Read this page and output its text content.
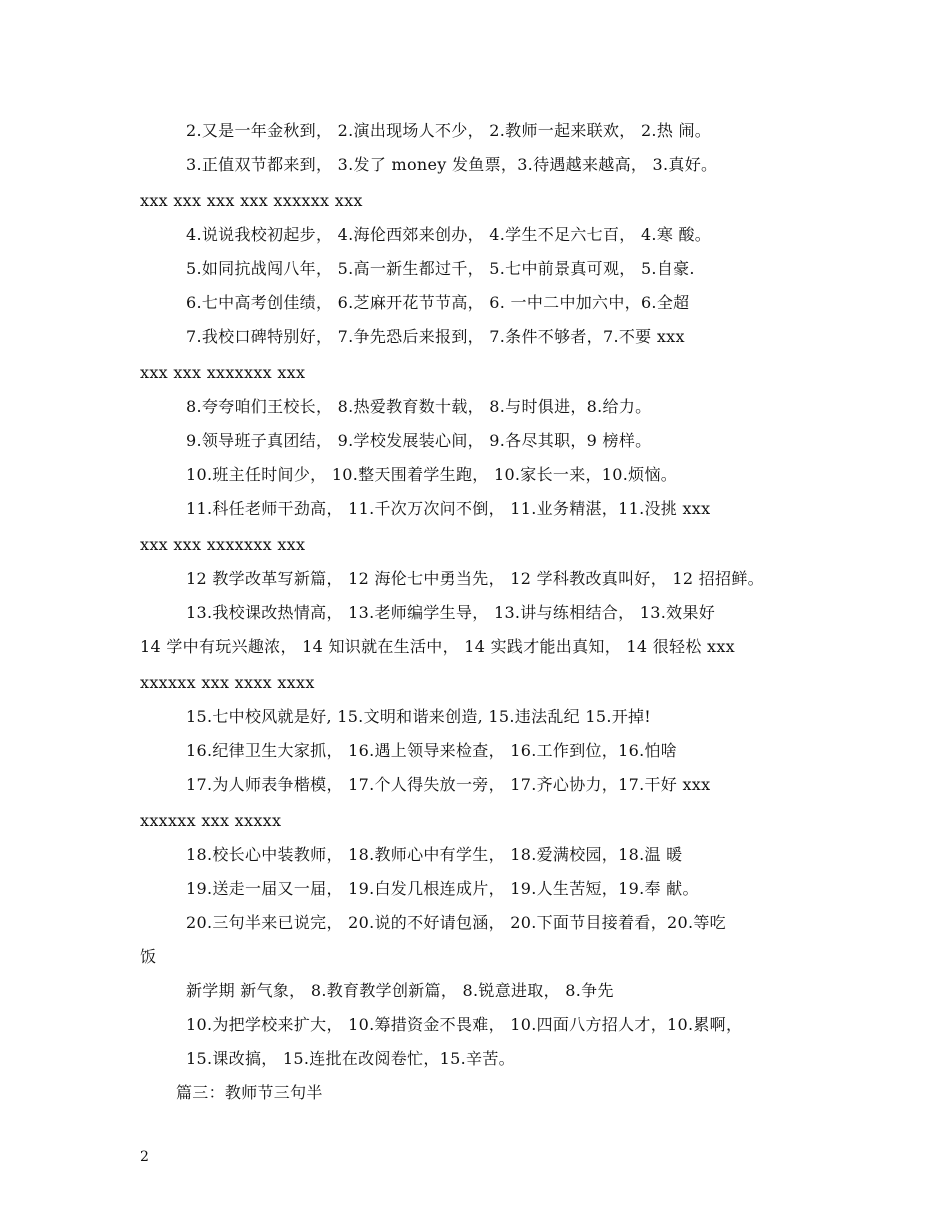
2.又是一年金秋到， 2.演出现场人不少， 2.教师一起来联欢， 2.热 闹。
3.正值双节都来到， 3.发了 money 发鱼票，3.待遇越来越高， 3.真好。
xxx xxx xxx xxx xxxxxx xxx
4.说说我校初起步， 4.海伦西郊来创办， 4.学生不足六七百， 4.寒 酸。
5.如同抗战闯八年， 5.高一新生都过千， 5.七中前景真可观， 5.自豪.
6.七中高考创佳绩， 6.芝麻开花节节高， 6. 一中二中加六中，6.全超
7.我校口碑特别好， 7.争先恐后来报到， 7.条件不够者，7.不要 xxx
xxx xxx xxxxxxx xxx
8.夸夸咱们王校长， 8.热爱教育数十载， 8.与时俱进，8.给力。
9.领导班子真团结， 9.学校发展装心间， 9.各尽其职，9 榜样。
10.班主任时间少， 10.整天围着学生跑， 10.家长一来，10.烦恼。
11.科任老师干劲高， 11.千次万次问不倒， 11.业务精湛，11.没挑 xxx
xxx xxx xxxxxxx xxx
12 教学改革写新篇， 12 海伦七中勇当先， 12 学科教改真叫好， 12 招招鲜。
13.我校课改热情高， 13.老师编学生导， 13.讲与练相结合， 13.效果好
14 学中有玩兴趣浓， 14 知识就在生活中， 14 实践才能出真知， 14 很轻松 xxx
xxxxxx xxx xxxx xxxx
15.七中校风就是好, 15.文明和谐来创造, 15.违法乱纪 15.开掉!
16.纪律卫生大家抓， 16.遇上领导来检查， 16.工作到位，16.怕啥
17.为人师表争楷模， 17.个人得失放一旁， 17.齐心协力，17.干好 xxx
xxxxxx xxx xxxxx
18.校长心中装教师， 18.教师心中有学生， 18.爱满校园，18.温 暖
19.送走一届又一届， 19.白发几根连成片， 19.人生苦短，19.奉 献。
20.三句半来已说完， 20.说的不好请包涵， 20.下面节目接着看，20.等吃
饭
新学期 新气象， 8.教育教学创新篇， 8.锐意进取， 8.争先
10.为把学校来扩大， 10.筹措资金不畏难， 10.四面八方招人才，10.累啊，
15.课改搞， 15.连批在改阅卷忙，15.辛苦。
篇三：教师节三句半
2
